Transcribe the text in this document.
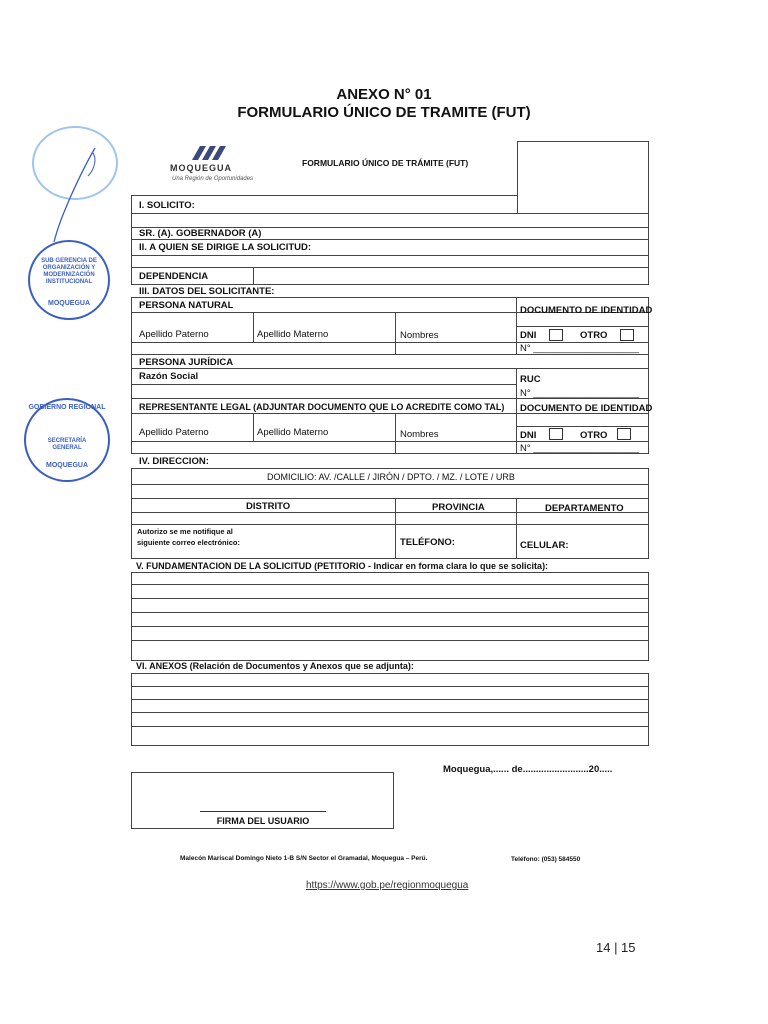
ANEXO N° 01
FORMULARIO ÚNICO DE TRAMITE (FUT)
SUB GERENCIA DE ORGANIZACIÓN Y MODERNIZACIÓN INSTITUCIONAL
MOQUEGUA
GOBIERNO REGIONAL
SECRETARÍA GENERAL
MOQUEGUA
MOQUEGUA
Una Región de Oportunidades
FORMULARIO ÚNICO DE TRÁMITE (FUT)
I. SOLICITO:
SR. (A). GOBERNADOR (A)
II. A QUIEN SE DIRIGE LA SOLICITUD:
DEPENDENCIA
III. DATOS DEL SOLICITANTE:
PERSONA NATURAL	DOCUMENTO DE IDENTIDAD
Apellido Paterno	Apellido Materno	Nombres	DNI	OTRO
N° ____________________
PERSONA JURÍDICA
Razón Social	RUC
N° ____________________
REPRESENTANTE LEGAL (ADJUNTAR DOCUMENTO QUE LO ACREDITE COMO TAL) DOCUMENTO DE IDENTIDAD
Apellido Paterno	Apellido Materno	Nombres	DNI	OTRO
N° ____________________
IV. DIRECCION:
DOMICILIO: AV. /CALLE / JIRÓN / DPTO. / MZ. / LOTE / URB
DISTRITO	PROVINCIA	DEPARTAMENTO
Autorizo se me notifique al
siguiente correo electrónico:	TELÉFONO:	CELULAR:
V. FUNDAMENTACION DE LA SOLICITUD (PETITORIO - Indicar en forma clara lo que se solicita):
VI. ANEXOS (Relación de Documentos y Anexos que se adjunta):
Moquegua,...... de.........................20.....
FIRMA DEL USUARIO
Malecón Mariscal Domingo Nieto 1-B S/N Sector el Gramadal, Moquegua – Perú.	Teléfono: (053) 584550
https://www.gob.pe/regionmoquegua
14 | 15
